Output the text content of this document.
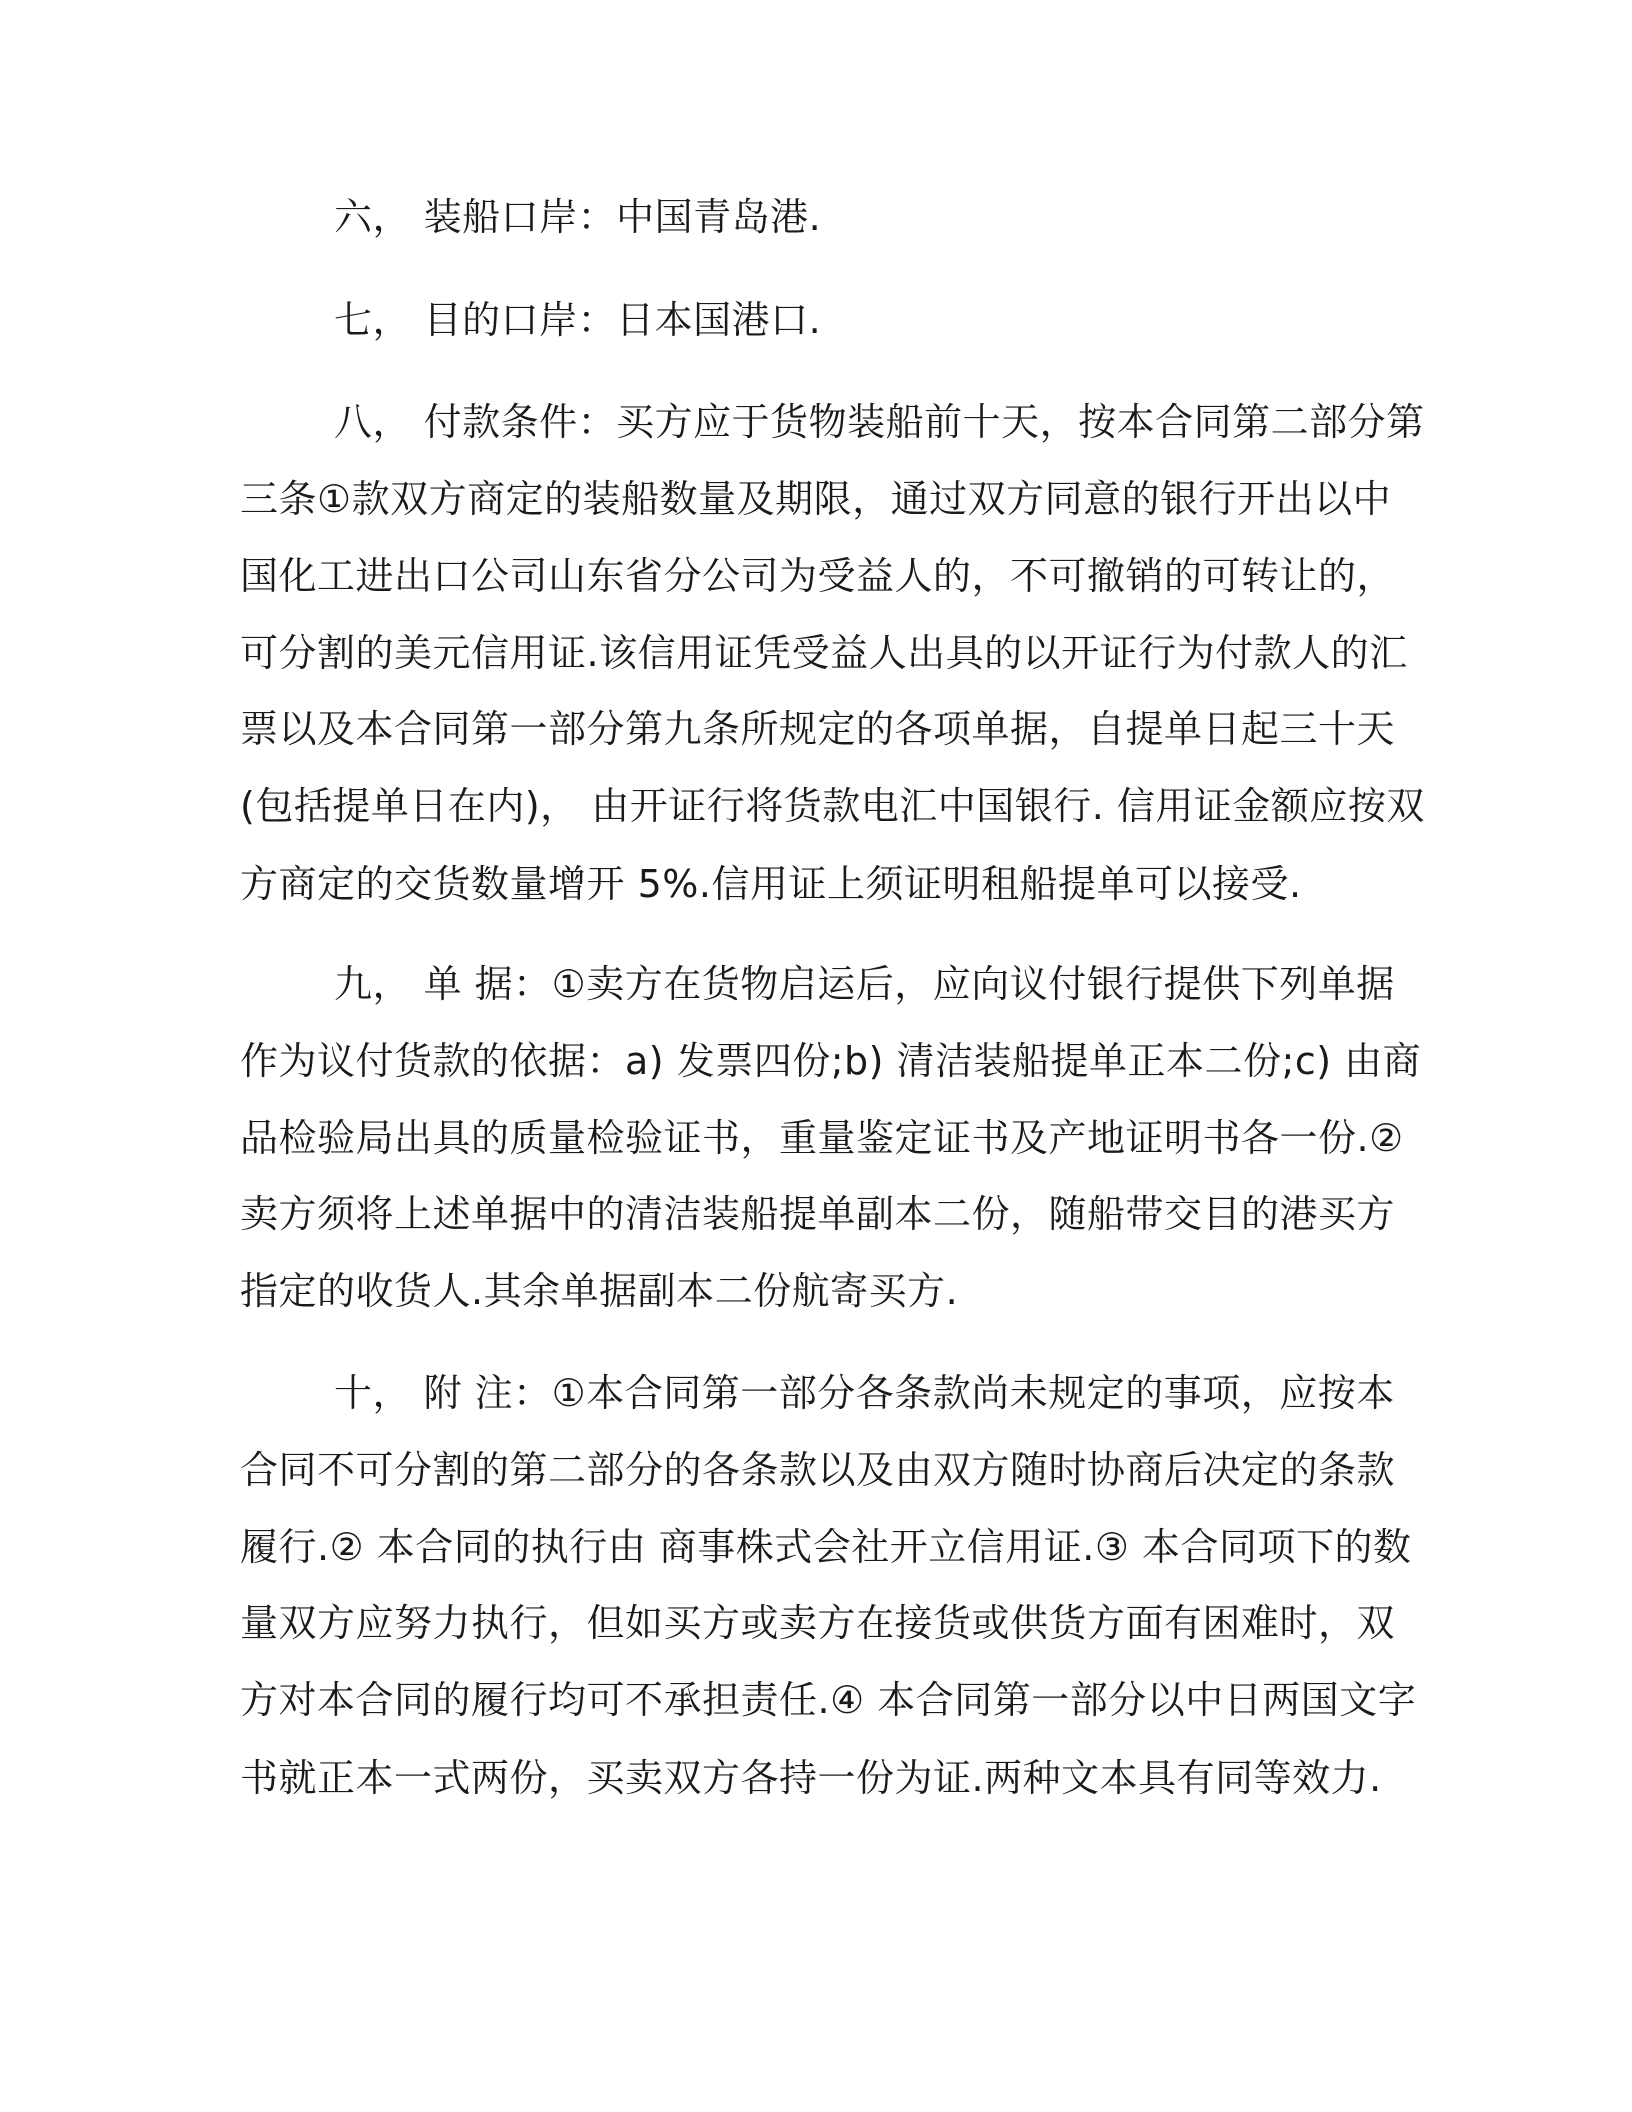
六， 装船口岸：中国青岛港.
七， 目的口岸：日本国港口.
八， 付款条件：买方应于货物装船前十天，按本合同第二部分第
三条①款双方商定的装船数量及期限，通过双方同意的银行开出以中
国化工进出口公司山东省分公司为受益人的，不可撤销的可转让的，
可分割的美元信用证.该信用证凭受益人出具的以开证行为付款人的汇
票以及本合同第一部分第九条所规定的各项单据，自提单日起三十天
(包括提单日在内)， 由开证行将货款电汇中国银行. 信用证金额应按双
方商定的交货数量增开 5%.信用证上须证明租船提单可以接受.
九， 单 据：①卖方在货物启运后，应向议付银行提供下列单据
作为议付货款的依据：a) 发票四份;b) 清洁装船提单正本二份;c) 由商
品检验局出具的质量检验证书，重量鉴定证书及产地证明书各一份.②
卖方须将上述单据中的清洁装船提单副本二份，随船带交目的港买方
指定的收货人.其余单据副本二份航寄买方.
十， 附 注：①本合同第一部分各条款尚未规定的事项，应按本
合同不可分割的第二部分的各条款以及由双方随时协商后决定的条款
履行.② 本合同的执行由 商事株式会社开立信用证.③ 本合同项下的数
量双方应努力执行，但如买方或卖方在接货或供货方面有困难时，双
方对本合同的履行均可不承担责任.④ 本合同第一部分以中日两国文字
书就正本一式两份，买卖双方各持一份为证.两种文本具有同等效力.
